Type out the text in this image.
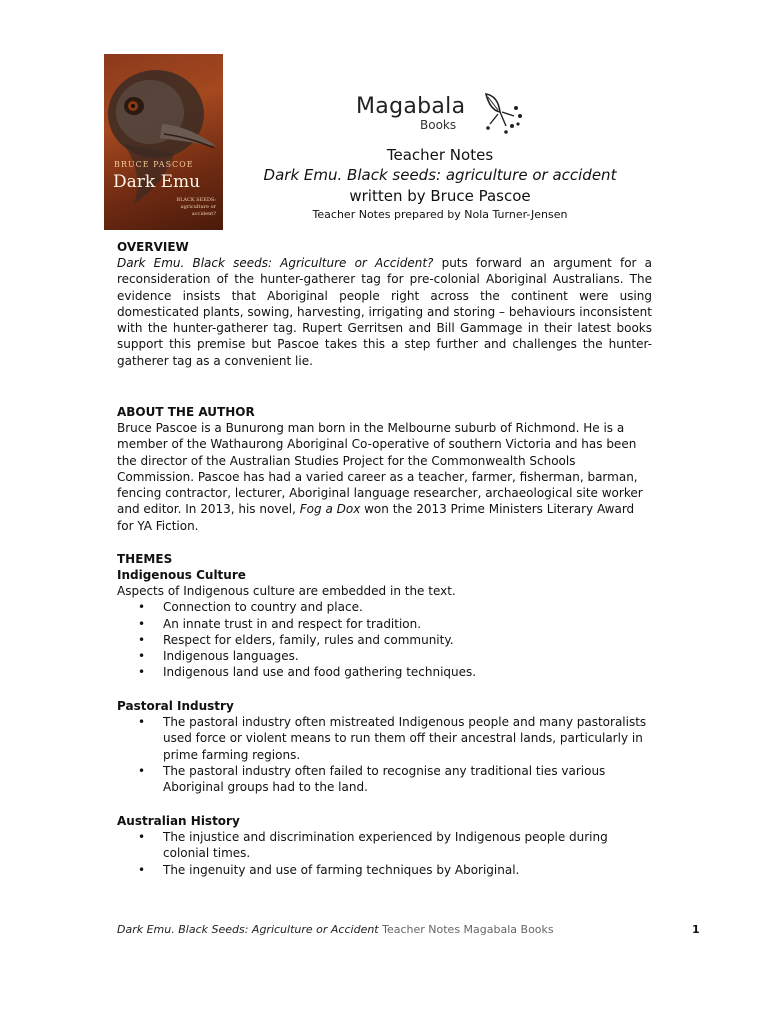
BRUCE PASCOE
Dark Emu
BLACK SEEDS: agriculture or accident?
Magabala
Books
Teacher Notes
Dark Emu. Black seeds: agriculture or accident
written by Bruce Pascoe
Teacher Notes prepared by Nola Turner-Jensen
OVERVIEW
Dark Emu. Black seeds: Agriculture or Accident? puts forward an argument for a reconsideration of the hunter-gatherer tag for pre-colonial Aboriginal Australians. The evidence insists that Aboriginal people right across the continent were using domesticated plants, sowing, harvesting, irrigating and storing – behaviours inconsistent with the hunter-gatherer tag. Rupert Gerritsen and Bill Gammage in their latest books support this premise but Pascoe takes this a step further and challenges the hunter-gatherer tag as a convenient lie.
ABOUT THE AUTHOR
Bruce Pascoe is a Bunurong man born in the Melbourne suburb of Richmond. He is a member of the Wathaurong Aboriginal Co-operative of southern Victoria and has been the director of the Australian Studies Project for the Commonwealth Schools Commission. Pascoe has had a varied career as a teacher, farmer, fisherman, barman, fencing contractor, lecturer, Aboriginal language researcher, archaeological site worker and editor. In 2013, his novel, Fog a Dox won the 2013 Prime Ministers Literary Award for YA Fiction.
THEMES
Indigenous Culture
Aspects of Indigenous culture are embedded in the text.
• Connection to country and place.
• An innate trust in and respect for tradition.
• Respect for elders, family, rules and community.
• Indigenous languages.
• Indigenous land use and food gathering techniques.
Pastoral Industry
• The pastoral industry often mistreated Indigenous people and many pastoralists used force or violent means to run them off their ancestral lands, particularly in prime farming regions.
• The pastoral industry often failed to recognise any traditional ties various Aboriginal groups had to the land.
Australian History
• The injustice and discrimination experienced by Indigenous people during colonial times.
• The ingenuity and use of farming techniques by Aboriginal.
Dark Emu. Black Seeds: Agriculture or Accident Teacher Notes Magabala Books	1
